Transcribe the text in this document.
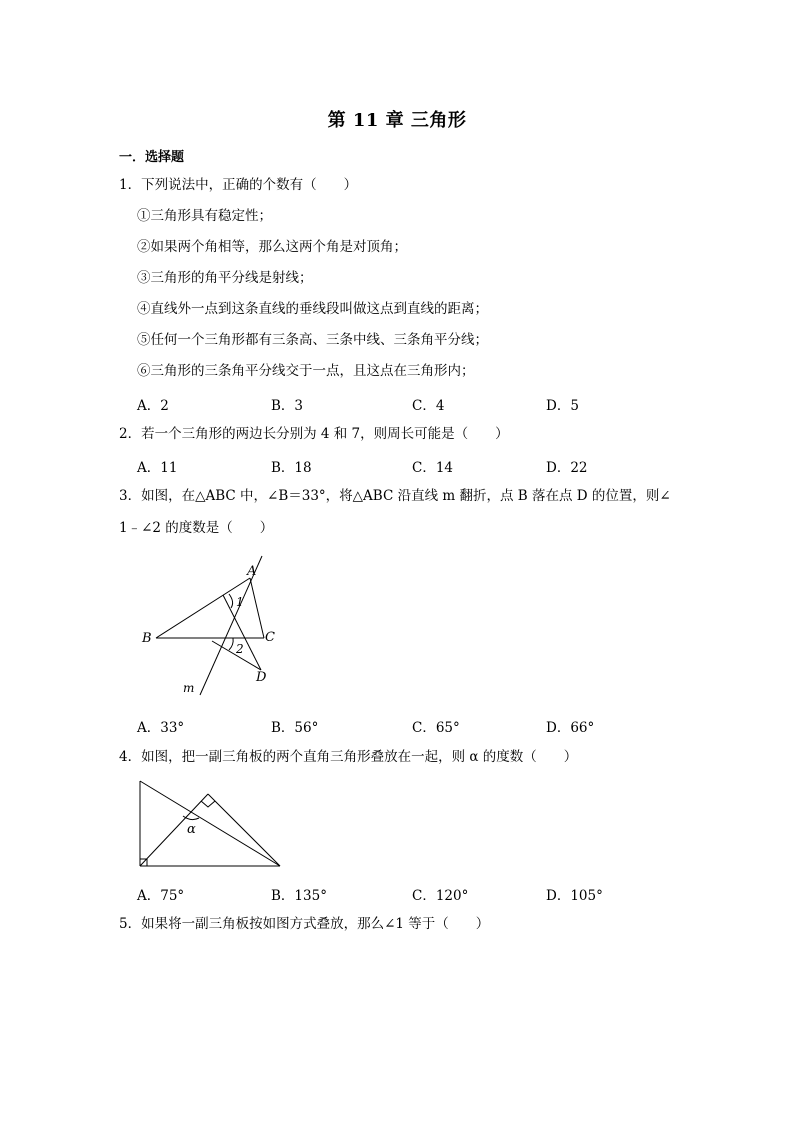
第 11 章 三角形
一．选择题
1．下列说法中，正确的个数有（　　）
①三角形具有稳定性；
②如果两个角相等，那么这两个角是对顶角；
③三角形的角平分线是射线；
④直线外一点到这条直线的垂线段叫做这点到直线的距离；
⑤任何一个三角形都有三条高、三条中线、三条角平分线；
⑥三角形的三条角平分线交于一点，且这点在三角形内；
A．2	B．3	C．4	D．5
2．若一个三角形的两边长分别为 4 和 7，则周长可能是（　　）
A．11	B．18	C．14	D．22
3．如图，在△ABC 中，∠B＝33°，将△ABC 沿直线 m 翻折，点 B 落在点 D 的位置，则∠
1﹣∠2 的度数是（　　）
A
B	C
D
m
1
2
A．33°	B．56°	C．65°	D．66°
4．如图，把一副三角板的两个直角三角形叠放在一起，则 α 的度数（　　）
α
A．75°	B．135°	C．120°	D．105°
5．如果将一副三角板按如图方式叠放，那么∠1 等于（　　）
